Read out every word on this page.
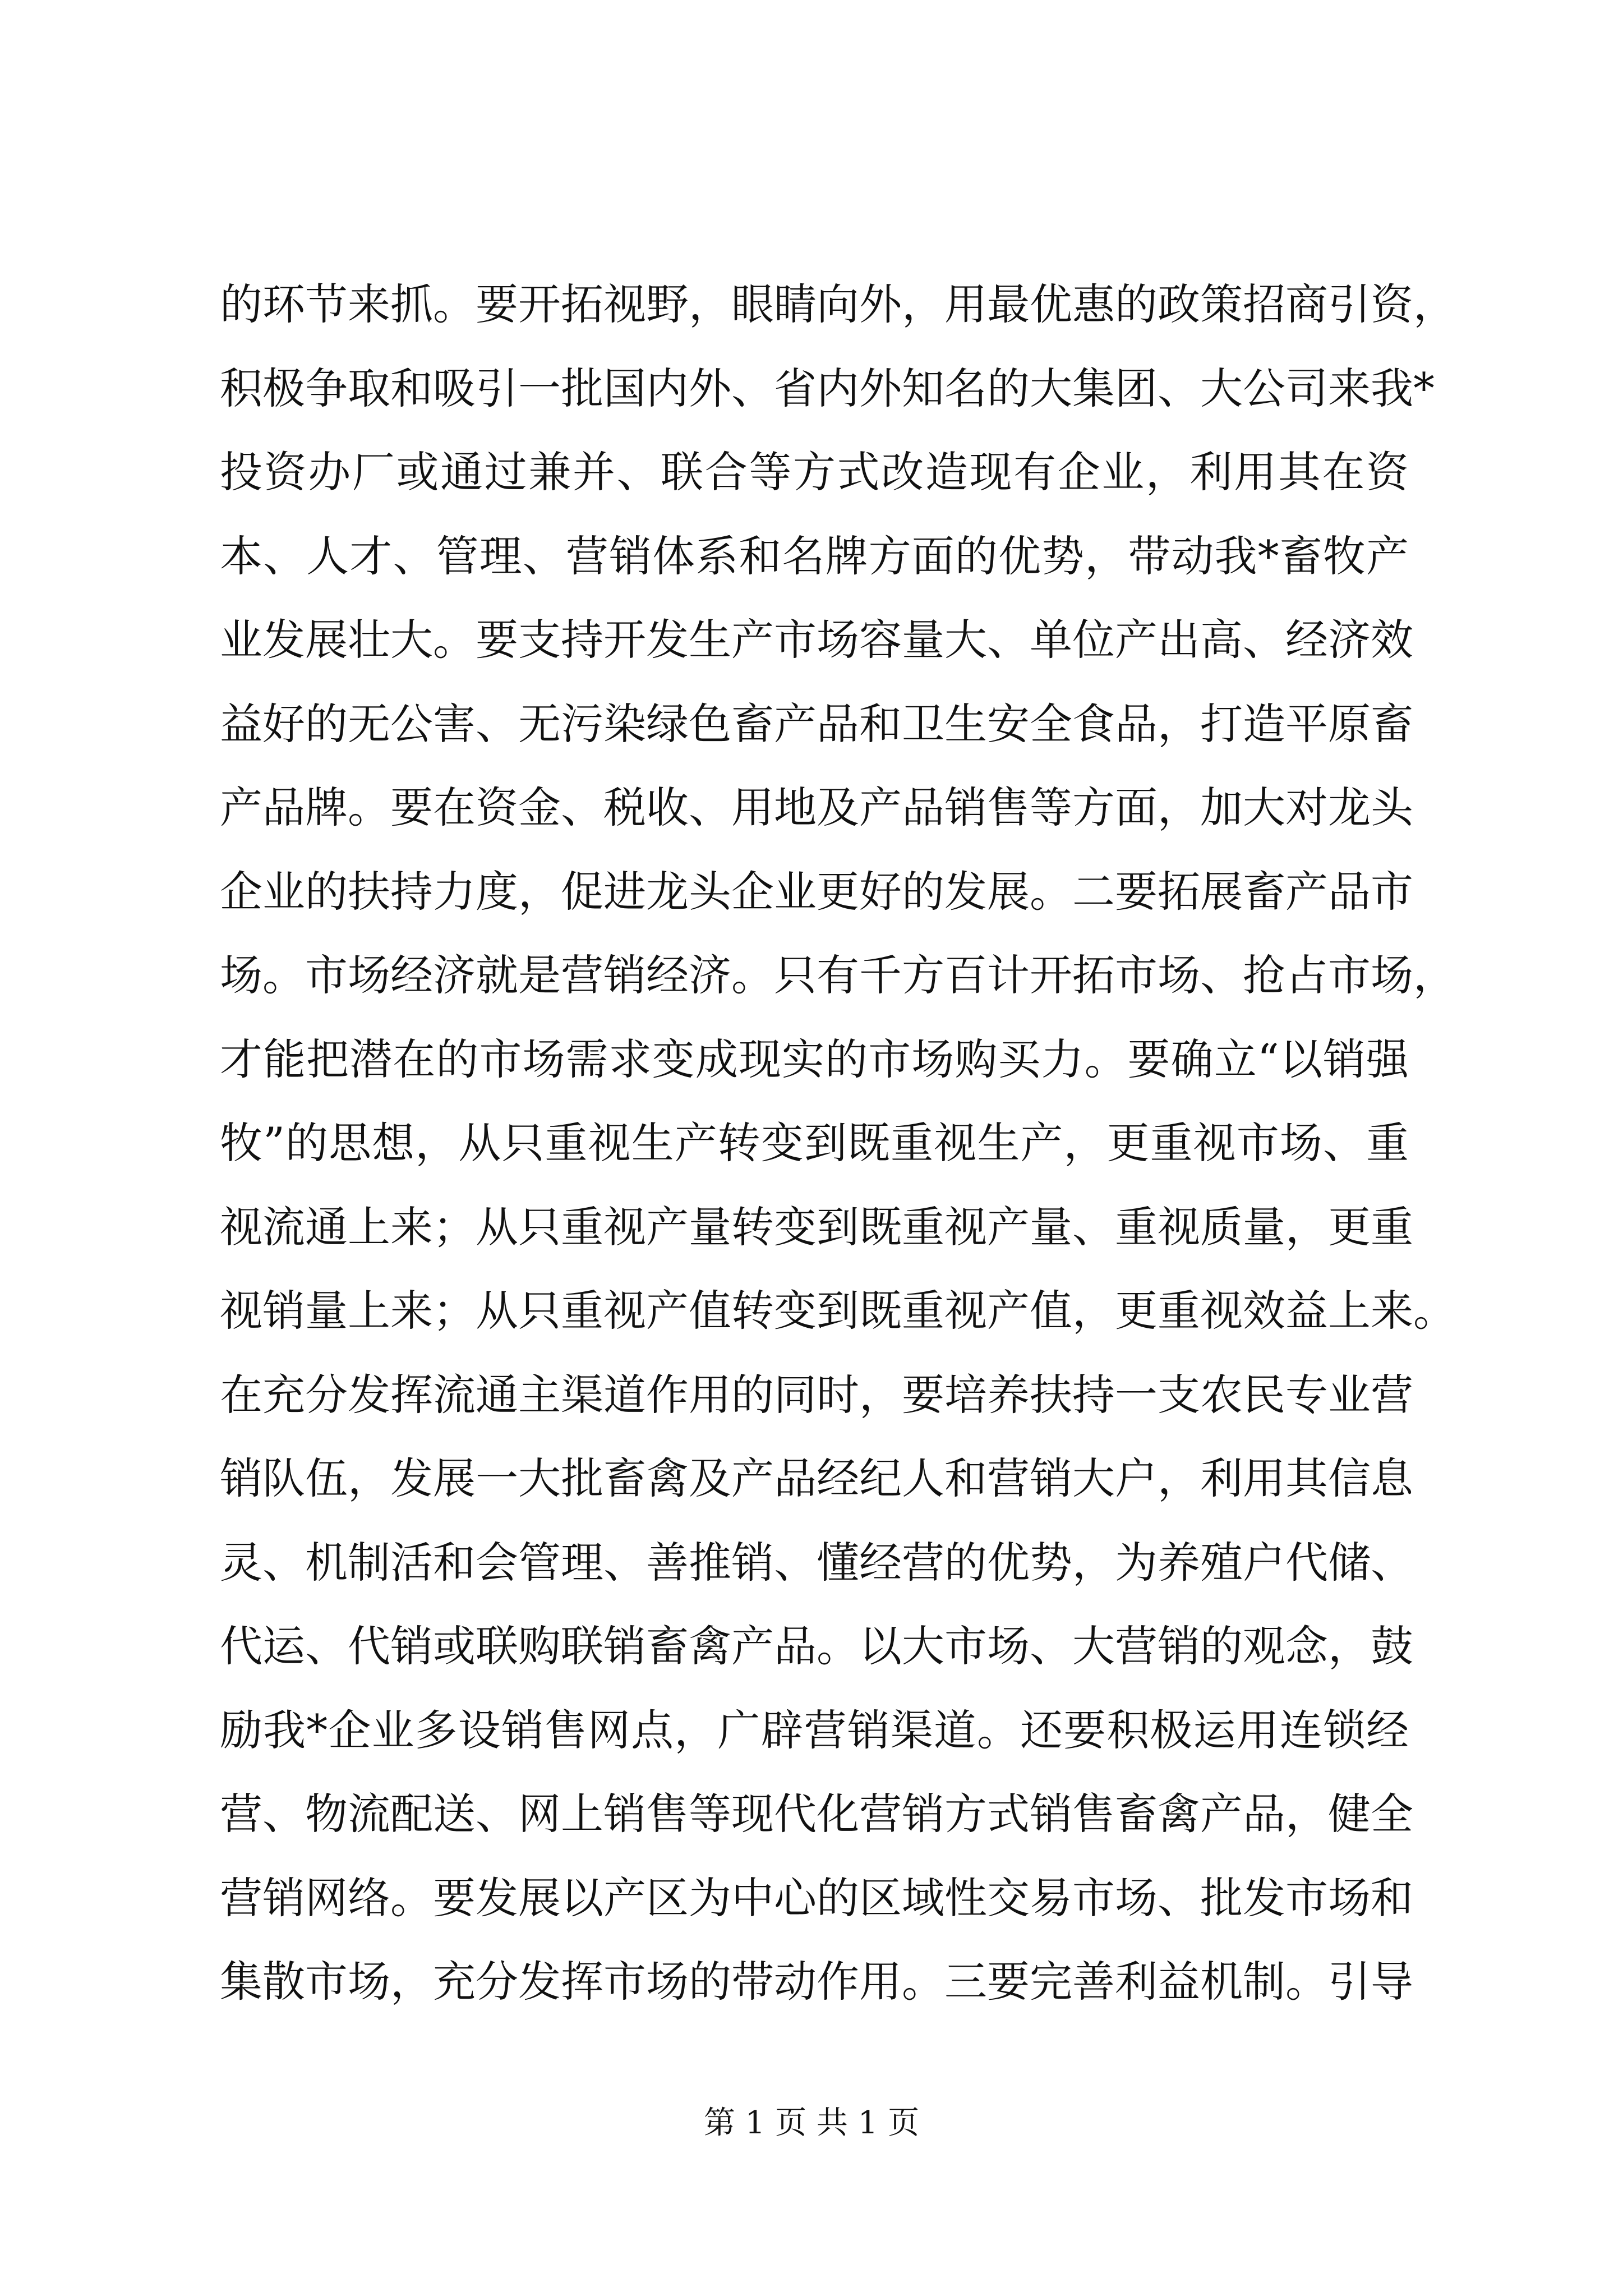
的环节来抓。要开拓视野，眼睛向外，用最优惠的政策招商引资，
积极争取和吸引一批国内外、省内外知名的大集团、大公司来我*
投资办厂或通过兼并、联合等方式改造现有企业，利用其在资
本、人才、管理、营销体系和名牌方面的优势，带动我*畜牧产
业发展壮大。要支持开发生产市场容量大、单位产出高、经济效
益好的无公害、无污染绿色畜产品和卫生安全食品，打造平原畜
产品牌。要在资金、税收、用地及产品销售等方面，加大对龙头
企业的扶持力度，促进龙头企业更好的发展。二要拓展畜产品市
场。市场经济就是营销经济。只有千方百计开拓市场、抢占市场，
才能把潜在的市场需求变成现实的市场购买力。要确立“以销强
牧”的思想，从只重视生产转变到既重视生产，更重视市场、重
视流通上来；从只重视产量转变到既重视产量、重视质量，更重
视销量上来；从只重视产值转变到既重视产值，更重视效益上来。
在充分发挥流通主渠道作用的同时，要培养扶持一支农民专业营
销队伍，发展一大批畜禽及产品经纪人和营销大户，利用其信息
灵、机制活和会管理、善推销、懂经营的优势，为养殖户代储、
代运、代销或联购联销畜禽产品。以大市场、大营销的观念，鼓
励我*企业多设销售网点，广辟营销渠道。还要积极运用连锁经
营、物流配送、网上销售等现代化营销方式销售畜禽产品，健全
营销网络。要发展以产区为中心的区域性交易市场、批发市场和
集散市场，充分发挥市场的带动作用。三要完善利益机制。引导
第 1 页 共 1 页
